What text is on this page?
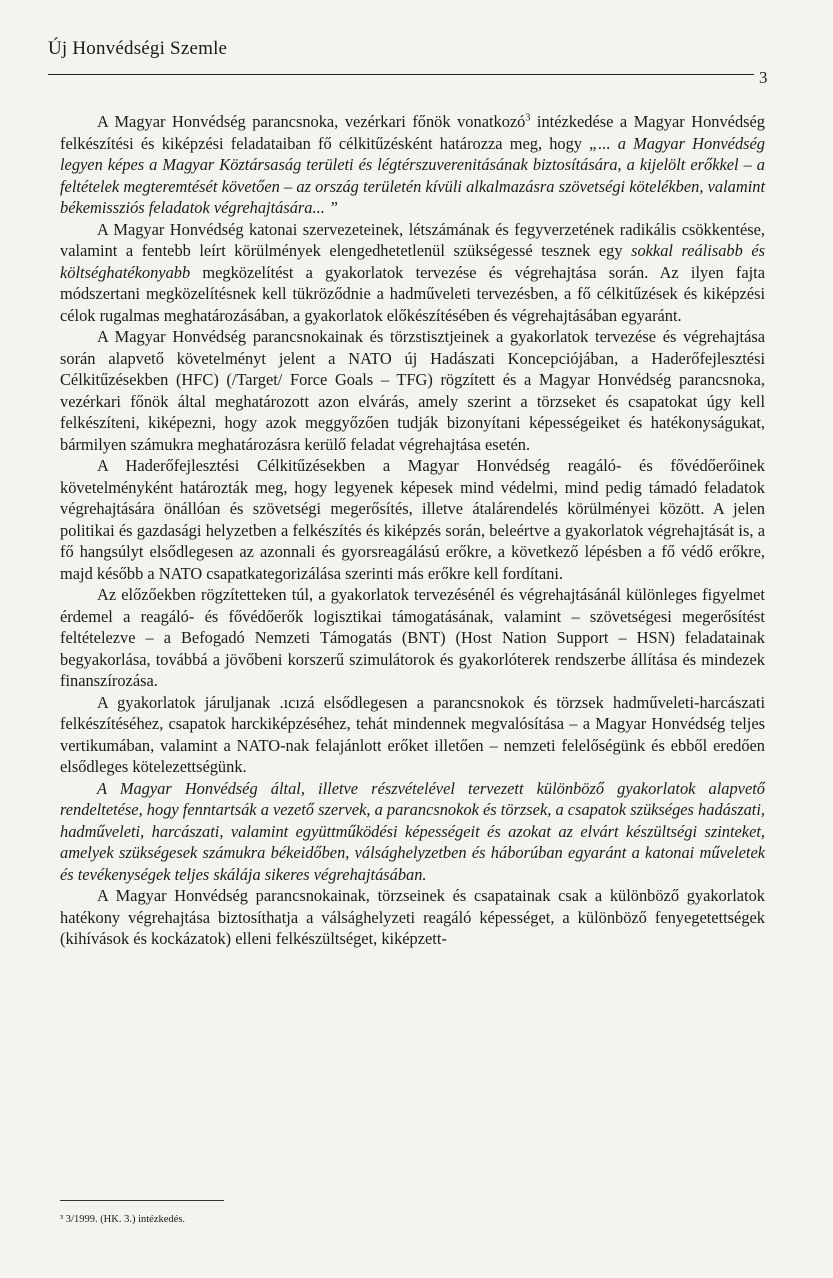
Új Honvédségi Szemle
3

A Magyar Honvédség parancsnoka, vezérkari főnök vonatkozó$^3$ intézkedése a Magyar Honvédség felkészítési és kiképzési feladataiban fő célkitűzésként határozza meg, hogy „... a Magyar Honvédség legyen képes a Magyar Köztársaság területi és légtérszuverenitásának biztosítására, a kijelölt erőkkel – a feltételek megteremtését követően – az ország területén kívüli alkalmazásra szövetségi kötelékben, valamint békemissziós feladatok végrehajtására... ”

A Magyar Honvédség katonai szervezeteinek, létszámának és fegyverzetének radikális csökkentése, valamint a fentebb leírt körülmények elengedhetetlenül szükségessé tesznek egy sokkal reálisabb és költséghatékonyabb megközelítést a gyakorlatok tervezése és végrehajtása során. Az ilyen fajta módszertani megközelítésnek kell tükröződnie a hadműveleti tervezésben, a fő célkitűzések és kiképzési célok rugalmas meghatározásában, a gyakorlatok előkészítésében és végrehajtásában egyaránt.

A Magyar Honvédség parancsnokainak és törzstisztjeinek a gyakorlatok tervezése és végrehajtása során alapvető követelményt jelent a NATO új Hadászati Koncepciójában, a Haderőfejlesztési Célkitűzésekben (HFC) (/Target/ Force Goals – TFG) rögzített és a Magyar Honvédség parancsnoka, vezérkari főnök által meghatározott azon elvárás, amely szerint a törzseket és csapatokat úgy kell felkészíteni, kiképezni, hogy azok meggyőzően tudják bizonyítani képességeiket és hatékonyságukat, bármilyen számukra meghatározásra kerülő feladat végrehajtása esetén.

A Haderőfejlesztési Célkitűzésekben a Magyar Honvédség reagáló- és fővédőerőinek követelményként határozták meg, hogy legyenek képesek mind védelmi, mind pedig támadó feladatok végrehajtására önállóan és szövetségi megerősítés, illetve átalárendelés körülményei között. A jelen politikai és gazdasági helyzetben a felkészítés és kiképzés során, beleértve a gyakorlatok végrehajtását is, a fő hangsúlyt elsődlegesen az azonnali és gyorsreagálású erőkre, a következő lépésben a fő védő erőkre, majd később a NATO csapatkategorizálása szerinti más erőkre kell fordítani.

Az előzőekben rögzítetteken túl, a gyakorlatok tervezésénél és végrehajtásánál különleges figyelmet érdemel a reagáló- és fővédőerők logisztikai támogatásának, valamint – szövetségesi megerősítést feltételezve – a Befogadó Nemzeti Támogatás (BNT) (Host Nation Support – HSN) feladatainak begyakorlása, továbbá a jövőbeni korszerű szimulátorok és gyakorlóterek rendszerbe állítása és mindezek finanszírozása.

A gyakorlatok járuljanak .ıcızá elsődlegesen a parancsnokok és törzsek hadműveleti-harcászati felkészítéséhez, csapatok harckiképzéséhez, tehát mindennek megvalósítása – a Magyar Honvédség teljes vertikumában, valamint a NATO-nak felajánlott erőket illetően – nemzeti felelőségünk és ebből eredően elsődleges kötelezettségünk.

A Magyar Honvédség által, illetve részvételével tervezett különböző gyakorlatok alapvető rendeltetése, hogy fenntartsák a vezető szervek, a parancsnokok és törzsek, a csapatok szükséges hadászati, hadműveleti, harcászati, valamint együttműködési képességeit és azokat az elvárt készültségi szinteket, amelyek szükségesek számukra békeidőben, válsághelyzetben és háborúban egyaránt a katonai műveletek és tevékenységek teljes skálája sikeres végrehajtásában.

A Magyar Honvédség parancsnokainak, törzseinek és csapatainak csak a különböző gyakorlatok hatékony végrehajtása biztosíthatja a válsághelyzeti reagáló képességet, a különböző fenyegetettségek (kihívások és kockázatok) elleni felkészültséget, kiképzett-

³ 3/1999. (HK. 3.) intézkedés.
